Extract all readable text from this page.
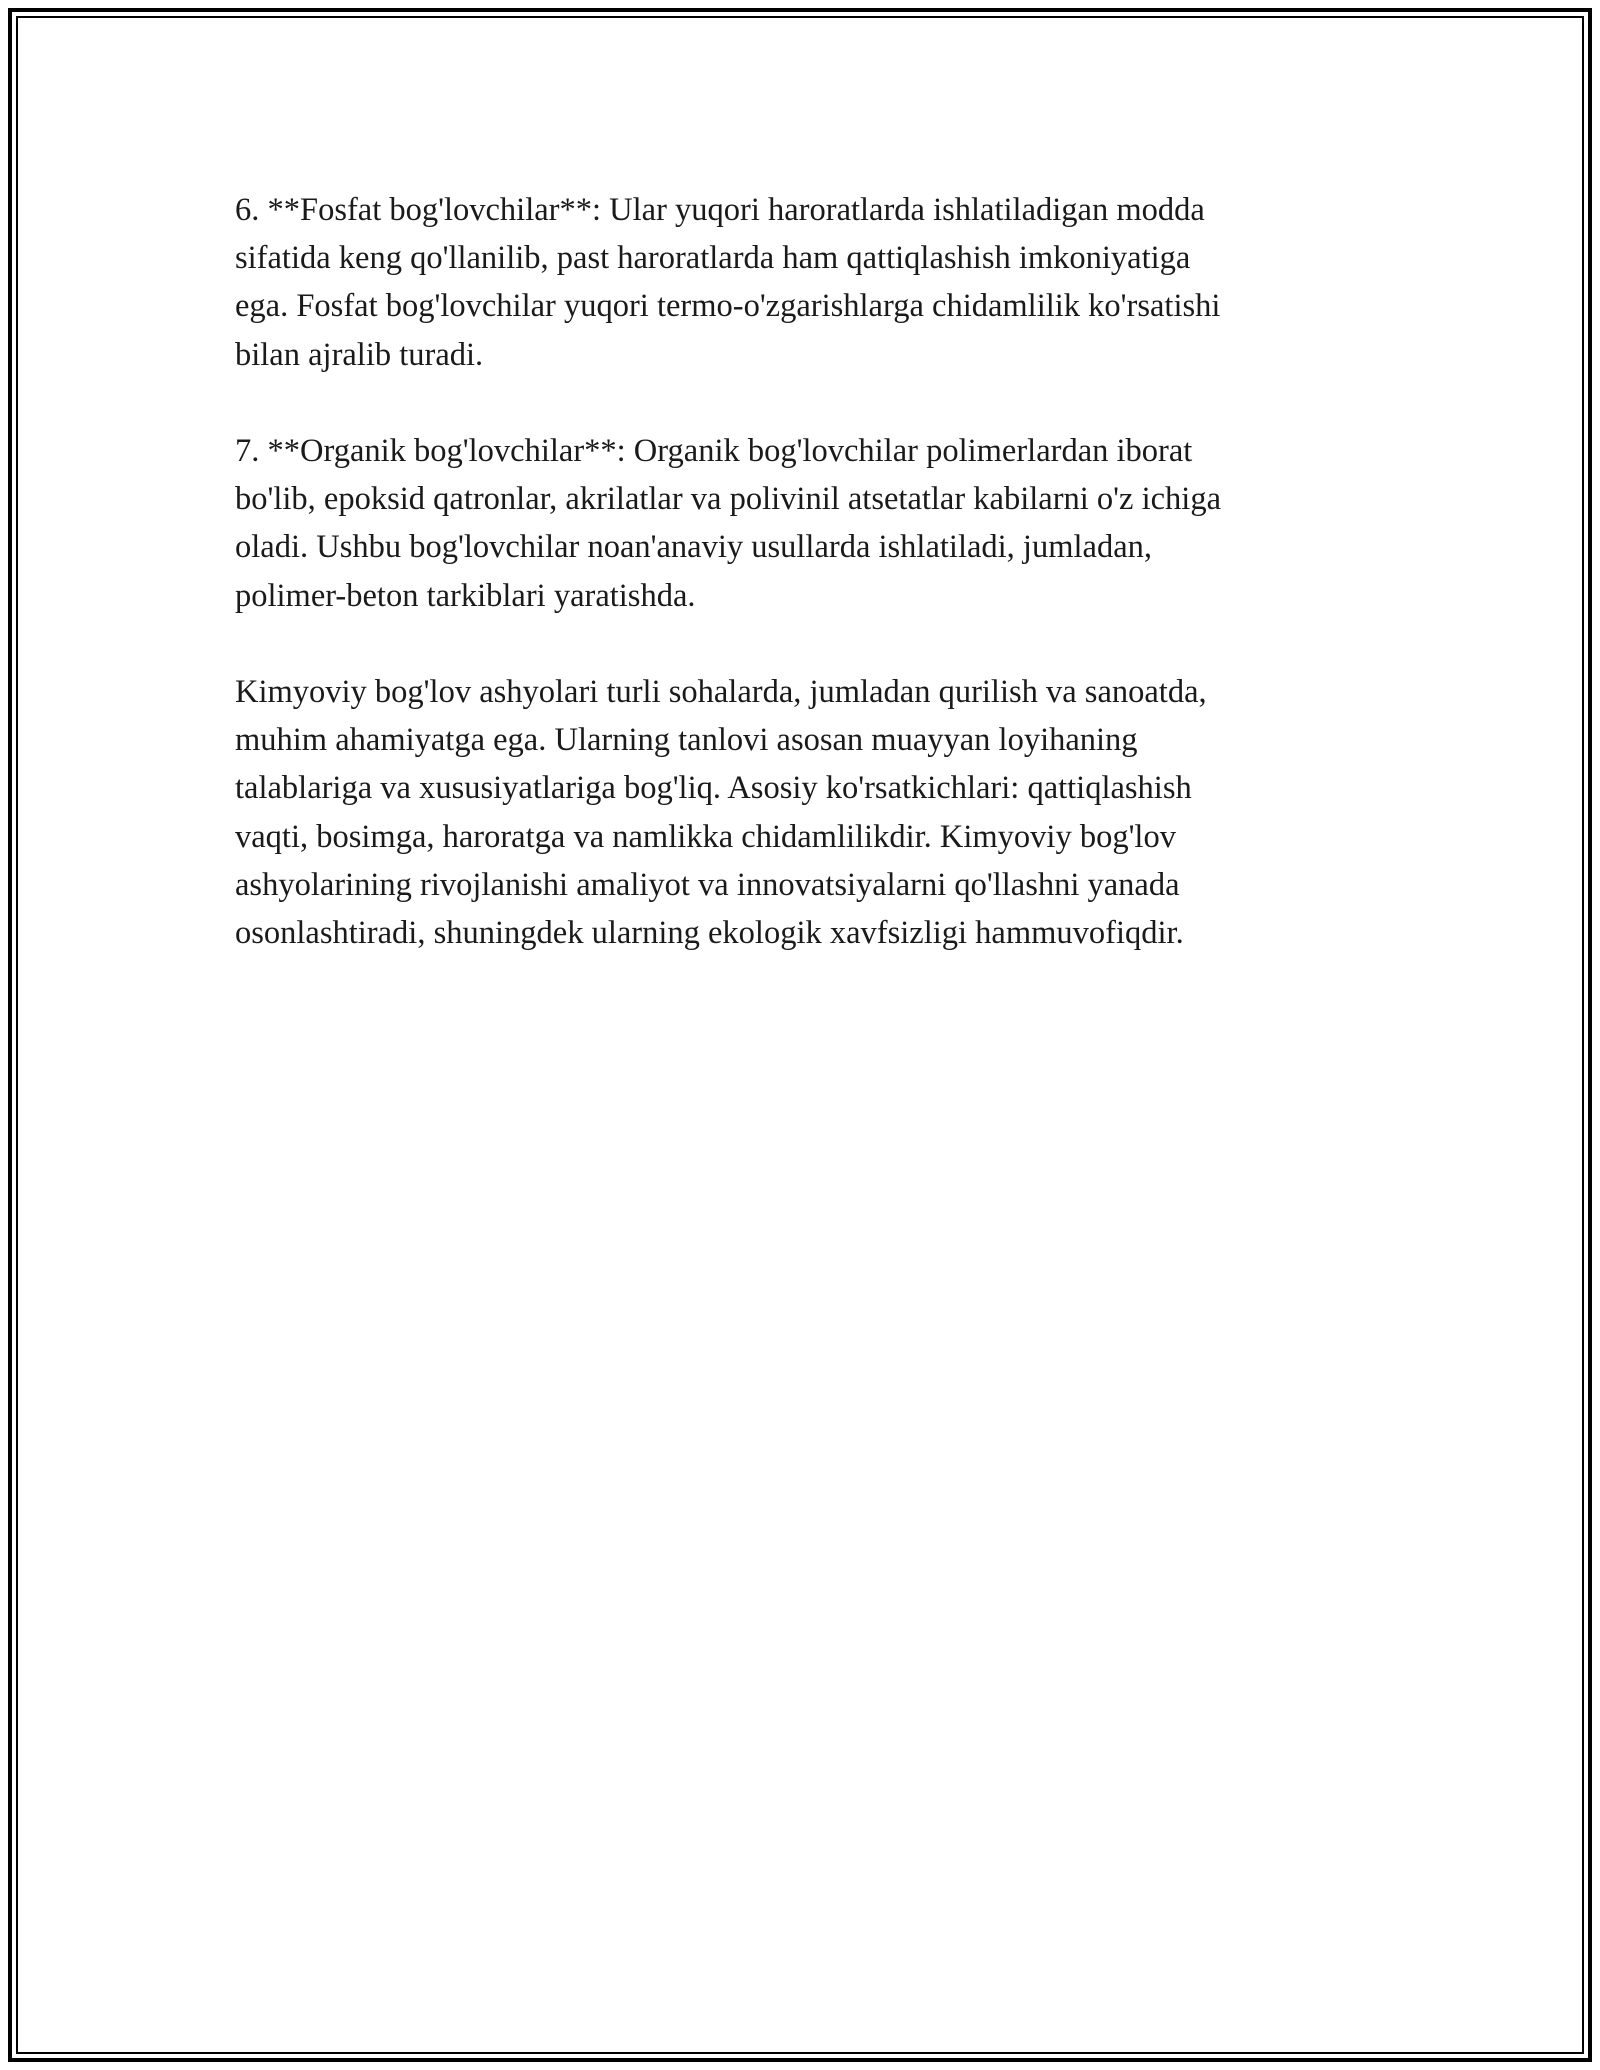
6. **Fosfat bog'lovchilar**: Ular yuqori haroratlarda ishlatiladigan modda
sifatida keng qo'llanilib, past haroratlarda ham qattiqlashish imkoniyatiga
ega. Fosfat bog'lovchilar yuqori termo-o'zgarishlarga chidamlilik ko'rsatishi
bilan ajralib turadi.

7. **Organik bog'lovchilar**: Organik bog'lovchilar polimerlardan iborat
bo'lib, epoksid qatronlar, akrilatlar va polivinil atsetatlar kabilarni o'z ichiga
oladi. Ushbu bog'lovchilar noan'anaviy usullarda ishlatiladi, jumladan,
polimer-beton tarkiblari yaratishda.

Kimyoviy bog'lov ashyolari turli sohalarda, jumladan qurilish va sanoatda,
muhim ahamiyatga ega. Ularning tanlovi asosan muayyan loyihaning
talablariga va xususiyatlariga bog'liq. Asosiy ko'rsatkichlari: qattiqlashish
vaqti, bosimga, haroratga va namlikka chidamlilikdir. Kimyoviy bog'lov
ashyolarining rivojlanishi amaliyot va innovatsiyalarni qo'llashni yanada
osonlashtiradi, shuningdek ularning ekologik xavfsizligi hammuvofiqdir.
